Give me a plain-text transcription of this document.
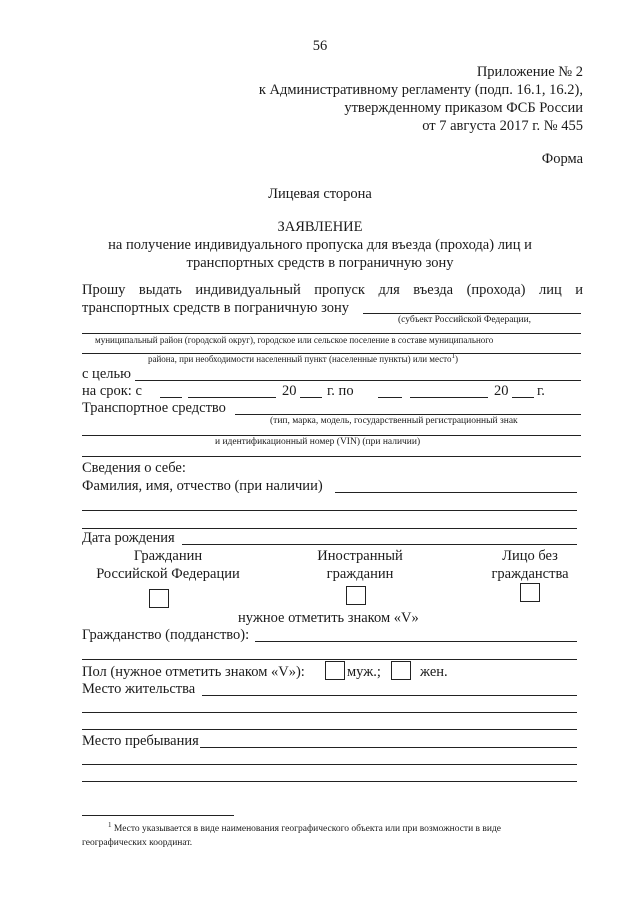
56
Приложение № 2
к Административному регламенту (подп. 16.1, 16.2),
утвержденному приказом ФСБ России
от 7 августа 2017 г. № 455
Форма
Лицевая сторона
ЗАЯВЛЕНИЕ
на получение индивидуального пропуска для въезда (прохода) лиц и
транспортных средств в пограничную зону
Прошу выдать индивидуальный пропуск для въезда (прохода) лиц и
транспортных средств в пограничную зону
(субъект Российской Федерации,
муниципальный район (городской округ), городское или сельское поселение в составе муниципального
района, при необходимости населенный пункт (населенные пункты) или место$^1$)
с целью
на срок: с	20 г. по	20 г.
Транспортное средство
(тип, марка, модель, государственный регистрационный знак
и идентификационный номер (VIN) (при наличии)
Сведения о себе:
Фамилия, имя, отчество (при наличии)
Дата рождения
Гражданин
Российской Федерации
Иностранный
гражданин
Лицо без
гражданства
нужное отметить знаком «V»
Гражданство (подданство):
Пол (нужное отметить знаком «V»):	муж.;	жен.
Место жительства
Место пребывания
$^1$ Место указывается в виде наименования географического объекта или при возможности в виде
географических координат.
